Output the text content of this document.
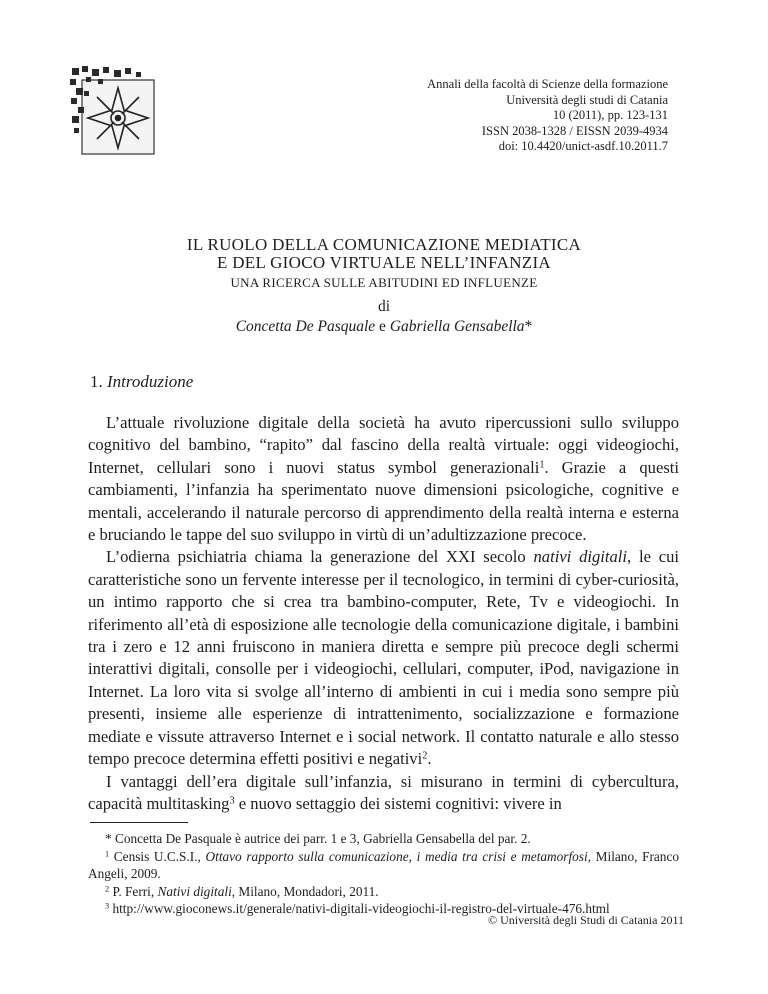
Annali della facoltà di Scienze della formazione
Università degli studi di Catania
10 (2011), pp. 123-131
ISSN 2038-1328 / EISSN 2039-4934
doi: 10.4420/unict-asdf.10.2011.7
IL RUOLO DELLA COMUNICAZIONE MEDIATICA
E DEL GIOCO VIRTUALE NELL’INFANZIA
UNA RICERCA SULLE ABITUDINI ED INFLUENZE
di
Concetta De Pasquale e Gabriella Gensabella*
1. Introduzione

L’attuale rivoluzione digitale della società ha avuto ripercussioni sullo sviluppo cognitivo del bambino, “rapito” dal fascino della realtà virtuale: oggi videogiochi, Internet, cellulari sono i nuovi status symbol generazionali$^1$. Grazie a questi cambiamenti, l’infanzia ha sperimentato nuove dimensioni psicologiche, cognitive e mentali, accelerando il naturale percorso di apprendimento della realtà interna e esterna e bruciando le tappe del suo sviluppo in virtù di un’adultizzazione precoce.

L’odierna psichiatria chiama la generazione del XXI secolo nativi digitali, le cui caratteristiche sono un fervente interesse per il tecnologico, in termini di cyber-curiosità, un intimo rapporto che si crea tra bambino-computer, Rete, Tv e videogiochi. In riferimento all’età di esposizione alle tecnologie della comunicazione digitale, i bambini tra i zero e 12 anni fruiscono in maniera diretta e sempre più precoce degli schermi interattivi digitali, consolle per i videogiochi, cellulari, computer, iPod, navigazione in Internet. La loro vita si svolge all’interno di ambienti in cui i media sono sempre più presenti, insieme alle esperienze di intrattenimento, socializzazione e formazione mediate e vissute attraverso Internet e i social network. Il contatto naturale e allo stesso tempo precoce determina effetti positivi e negativi$^2$.

I vantaggi dell’era digitale sull’infanzia, si misurano in termini di cybercultura, capacità multitasking$^3$ e nuovo settaggio dei sistemi cognitivi: vivere in

* Concetta De Pasquale è autrice dei parr. 1 e 3, Gabriella Gensabella del par. 2.

$^1$ Censis U.C.S.I., Ottavo rapporto sulla comunicazione, i media tra crisi e metamorfosi, Milano, Franco Angeli, 2009.

$^2$ P. Ferri, Nativi digitali, Milano, Mondadori, 2011.

$^3$ http://www.gioconews.it/generale/nativi-digitali-videogiochi-il-registro-del-virtuale-476.html

© Università degli Studi di Catania 2011
